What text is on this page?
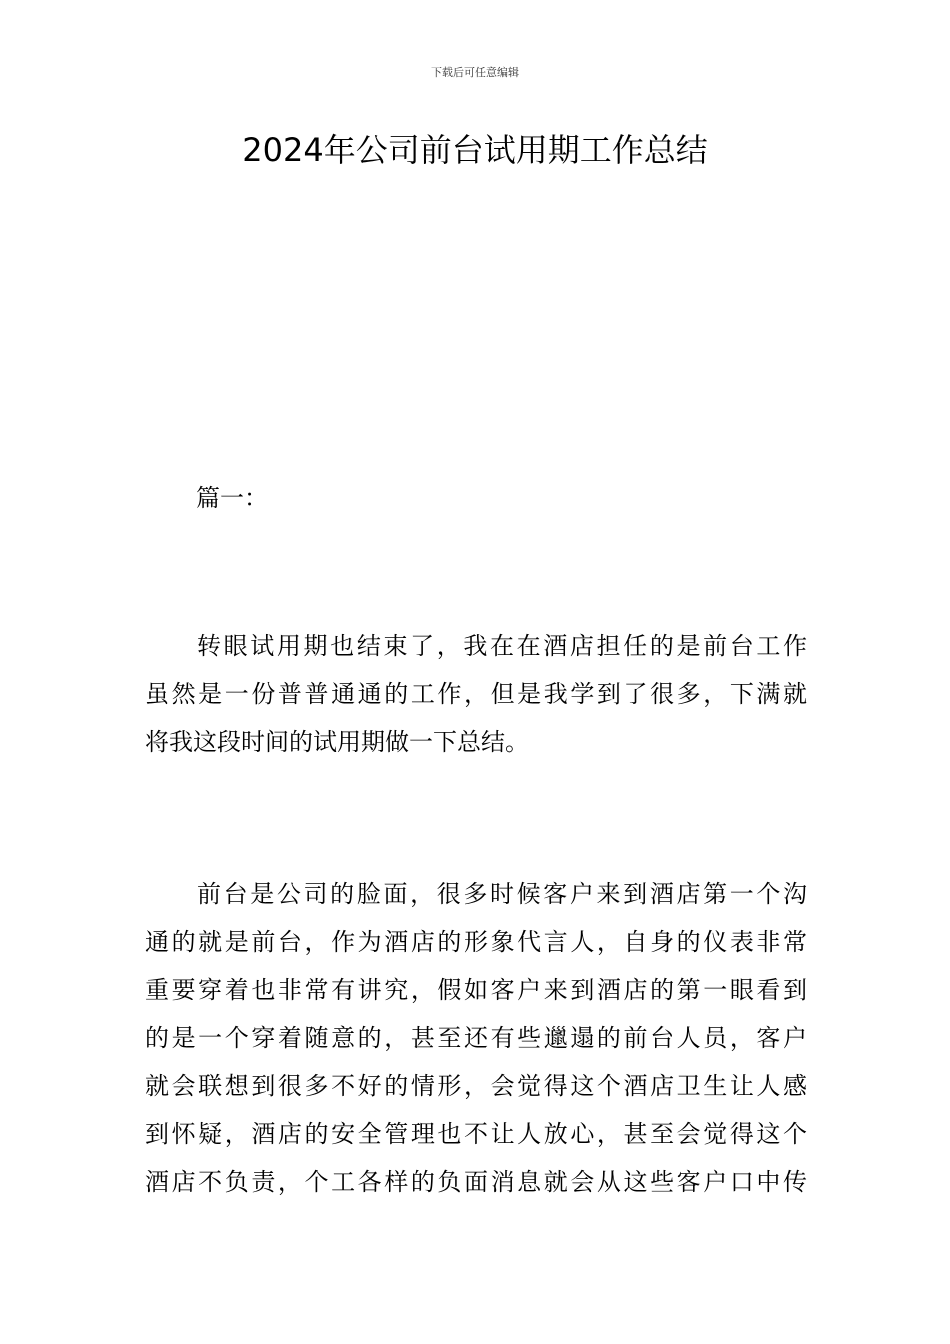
下载后可任意编辑
2024年公司前台试用期工作总结
篇一：
转眼试用期也结束了，我在在酒店担任的是前台工作
虽然是一份普普通通的工作，但是我学到了很多，下满就
将我这段时间的试用期做一下总结。
前台是公司的脸面，很多时候客户来到酒店第一个沟
通的就是前台，作为酒店的形象代言人，自身的仪表非常
重要穿着也非常有讲究，假如客户来到酒店的第一眼看到
的是一个穿着随意的，甚至还有些邋遢的前台人员，客户
就会联想到很多不好的情形，会觉得这个酒店卫生让人感
到怀疑，酒店的安全管理也不让人放心，甚至会觉得这个
酒店不负责，个工各样的负面消息就会从这些客户口中传
